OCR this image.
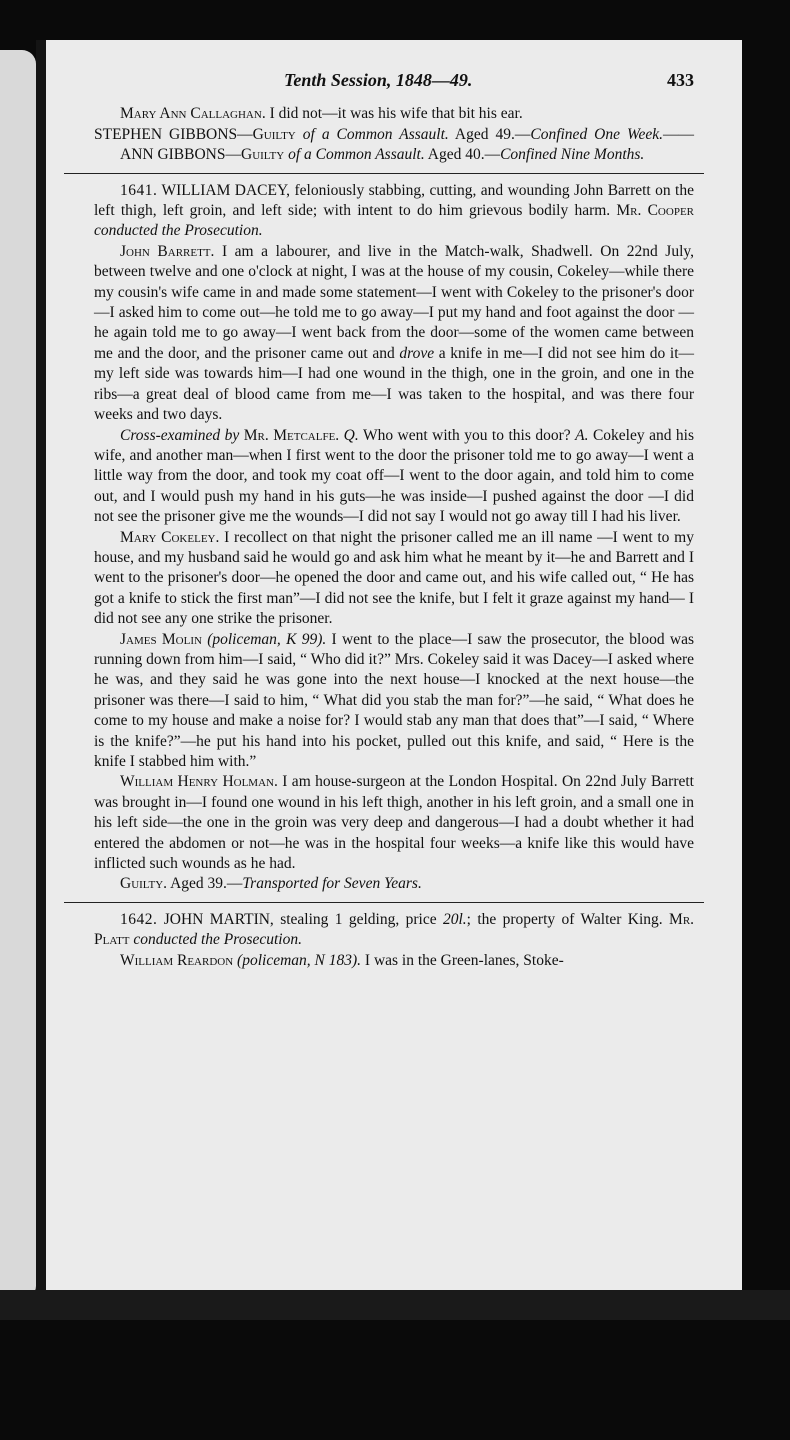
Tenth Session, 1848—49.	433

Mary Ann Callaghan. I did not—it was his wife that bit his ear.

STEPHEN GIBBONS—Guilty of a Common Assault. Aged 49.—Confined One Week.——ANN GIBBONS—Guilty of a Common Assault. Aged 40.—Confined Nine Months.

1641. WILLIAM DACEY, feloniously stabbing, cutting, and wounding John Barrett on the left thigh, left groin, and left side; with intent to do him grievous bodily harm. Mr. Cooper conducted the Prosecution.

John Barrett. I am a labourer, and live in the Match-walk, Shadwell. On 22nd July, between twelve and one o'clock at night, I was at the house of my cousin, Cokeley—while there my cousin's wife came in and made some statement—I went with Cokeley to the prisoner's door—I asked him to come out—he told me to go away—I put my hand and foot against the door —he again told me to go away—I went back from the door—some of the women came between me and the door, and the prisoner came out and drove a knife in me—I did not see him do it—my left side was towards him—I had one wound in the thigh, one in the groin, and one in the ribs—a great deal of blood came from me—I was taken to the hospital, and was there four weeks and two days.

Cross-examined by Mr. Metcalfe. Q. Who went with you to this door? A. Cokeley and his wife, and another man—when I first went to the door the prisoner told me to go away—I went a little way from the door, and took my coat off—I went to the door again, and told him to come out, and I would push my hand in his guts—he was inside—I pushed against the door —I did not see the prisoner give me the wounds—I did not say I would not go away till I had his liver.

Mary Cokeley. I recollect on that night the prisoner called me an ill name —I went to my house, and my husband said he would go and ask him what he meant by it—he and Barrett and I went to the prisoner's door—he opened the door and came out, and his wife called out, “ He has got a knife to stick the first man”—I did not see the knife, but I felt it graze against my hand— I did not see any one strike the prisoner.

James Molin (policeman, K 99). I went to the place—I saw the prosecutor, the blood was running down from him—I said, “ Who did it?” Mrs. Cokeley said it was Dacey—I asked where he was, and they said he was gone into the next house—I knocked at the next house—the prisoner was there—I said to him, “ What did you stab the man for?”—he said, “ What does he come to my house and make a noise for? I would stab any man that does that”—I said, “ Where is the knife?”—he put his hand into his pocket, pulled out this knife, and said, “ Here is the knife I stabbed him with.”

William Henry Holman. I am house-surgeon at the London Hospital. On 22nd July Barrett was brought in—I found one wound in his left thigh, another in his left groin, and a small one in his left side—the one in the groin was very deep and dangerous—I had a doubt whether it had entered the abdomen or not—he was in the hospital four weeks—a knife like this would have inflicted such wounds as he had.

Guilty. Aged 39.—Transported for Seven Years.

1642. JOHN MARTIN, stealing 1 gelding, price 20l.; the property of Walter King. Mr. Platt conducted the Prosecution.

William Reardon (policeman, N 183). I was in the Green-lanes, Stoke-
